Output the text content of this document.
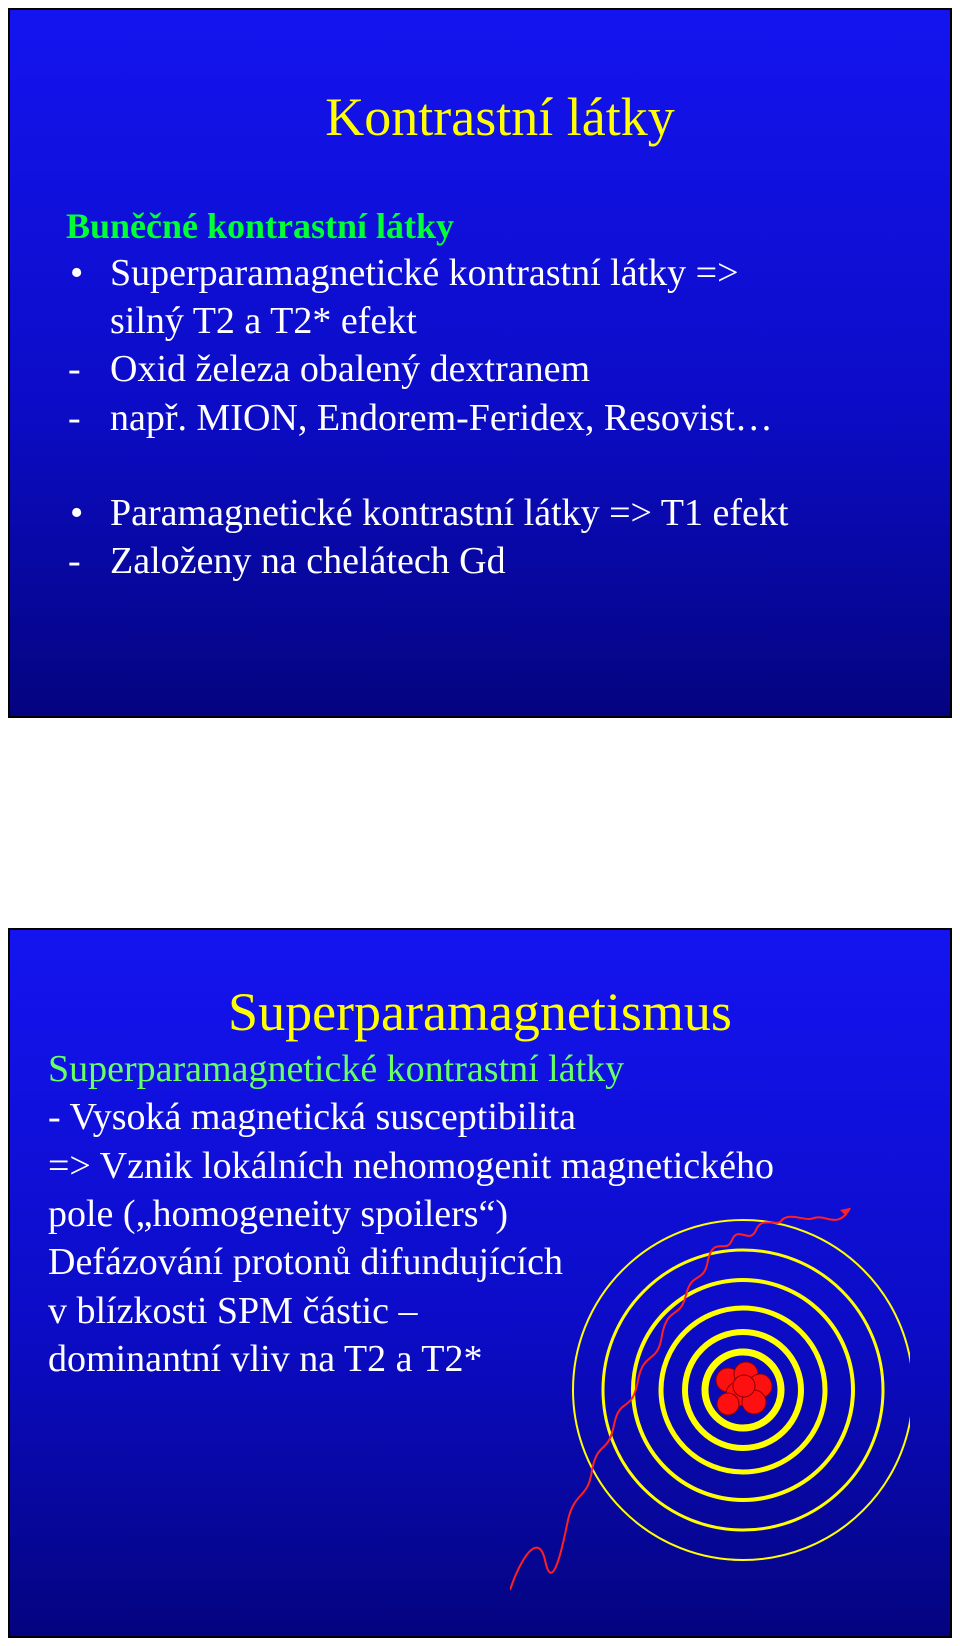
Kontrastní látky
Buněčné kontrastní látky
• Superparamagnetické kontrastní látky =>
silný T2 a T2* efekt
- Oxid železa obalený dextranem
- např. MION, Endorem-Feridex, Resovist…
• Paramagnetické kontrastní látky => T1 efekt
- Založeny na chelátech Gd
Superparamagnetismus
Superparamagnetické kontrastní látky
- Vysoká magnetická susceptibilita
=> Vznik lokálních nehomogenit magnetického
pole („homogeneity spoilers“)
Defázování protonů difundujících
v blízkosti SPM částic –
dominantní vliv na T2 a T2*
